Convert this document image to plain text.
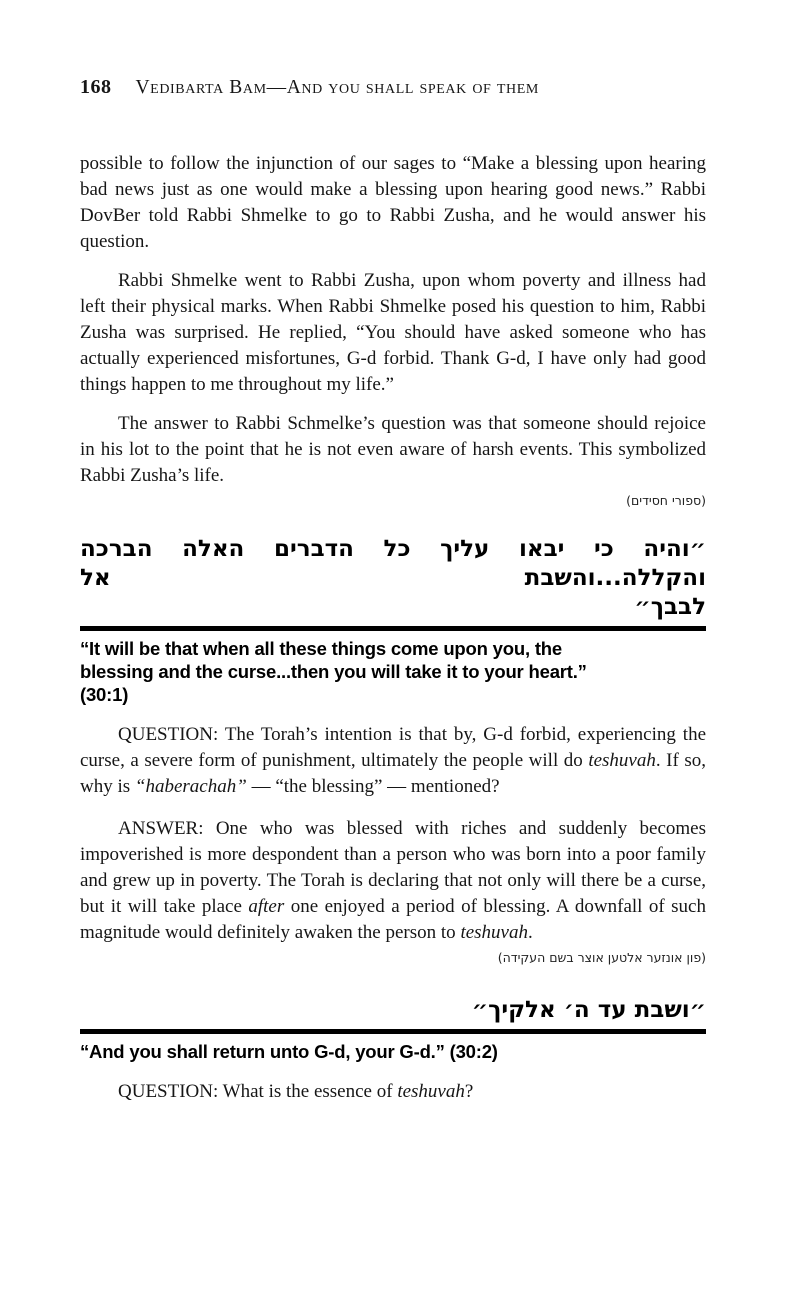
168 Vedibarta Bam—And you shall speak of them

possible to follow the injunction of our sages to “Make a blessing upon hearing bad news just as one would make a blessing upon hearing good news.” Rabbi DovBer told Rabbi Shmelke to go to Rabbi Zusha, and he would answer his question.

Rabbi Shmelke went to Rabbi Zusha, upon whom poverty and illness had left their physical marks. When Rabbi Shmelke posed his question to him, Rabbi Zusha was surprised. He replied, “You should have asked someone who has actually experienced misfortunes, G-d forbid. Thank G-d, I have only had good things happen to me throughout my life.”

The answer to Rabbi Schmelke’s question was that someone should rejoice in his lot to the point that he is not even aware of harsh events. This symbolized Rabbi Zusha’s life.

(ספורי חסידים)
״והיה כי יבאו עליך כל הדברים האלה הברכה והקללה...והשבת אל
לבבך״
“It will be that when all these things come upon you, the
blessing and the curse...then you will take it to your heart.”
(30:1)

QUESTION: The Torah’s intention is that by, G-d forbid, experiencing the curse, a severe form of punishment, ultimately the people will do teshuvah. If so, why is “haberachah” — “the blessing” — mentioned?

ANSWER: One who was blessed with riches and suddenly becomes impoverished is more despondent than a person who was born into a poor family and grew up in poverty. The Torah is declaring that not only will there be a curse, but it will take place after one enjoyed a period of blessing. A downfall of such magnitude would definitely awaken the person to teshuvah.

(פון אונזער אלטען אוצר בשם העקידה)
״ושבת עד ה׳ אלקיך״
“And you shall return unto G-d, your G-d.” (30:2)

QUESTION: What is the essence of teshuvah?
